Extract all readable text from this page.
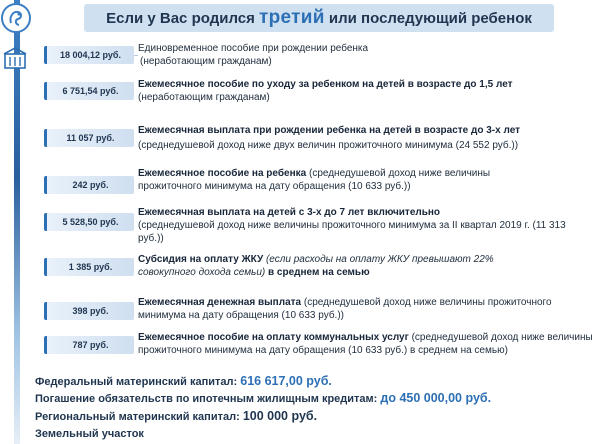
Если у Вас родился третий или последующий ребенок
18 004,12 руб.
Единовременное пособие при рождении ребенка
(неработающим гражданам)
6 751,54 руб.
Ежемесячное пособие по уходу за ребенком на детей в возрасте до 1,5 лет
(неработающим гражданам)
11 057 руб.
Ежемесячная выплата при рождении ребенка на детей в возрасте до 3-х лет
(среднедушевой доход ниже двух величин прожиточного минимума (24 552 руб.))
242 руб.
Ежемесячное пособие на ребенка (среднедушевой доход ниже величины прожиточного минимума на дату обращения (10 633 руб.))
5 528,50 руб.
Ежемесячная выплата на детей с 3-х до 7 лет включительно
(среднедушевой доход ниже величины прожиточного минимума за II квартал 2019 г. (11 313 руб.))
1 385 руб.
Субсидия на оплату ЖКУ (если расходы на оплату ЖКУ превышают 22% совокупного дохода семьи) в среднем на семью
398 руб.
Ежемесячная денежная выплата (среднедушевой доход ниже величины прожиточного минимума на дату обращения (10 633 руб.))
787 руб.
Ежемесячное пособие на оплату коммунальных услуг (среднедушевой доход ниже величины прожиточного минимума на дату обращения (10 633 руб.) в среднем на семью)
Федеральный материнский капитал: 616 617,00 руб.
Погашение обязательств по ипотечным жилищным кредитам: до 450 000,00 руб.
Региональный материнский капитал: 100 000 руб.
Земельный участок
